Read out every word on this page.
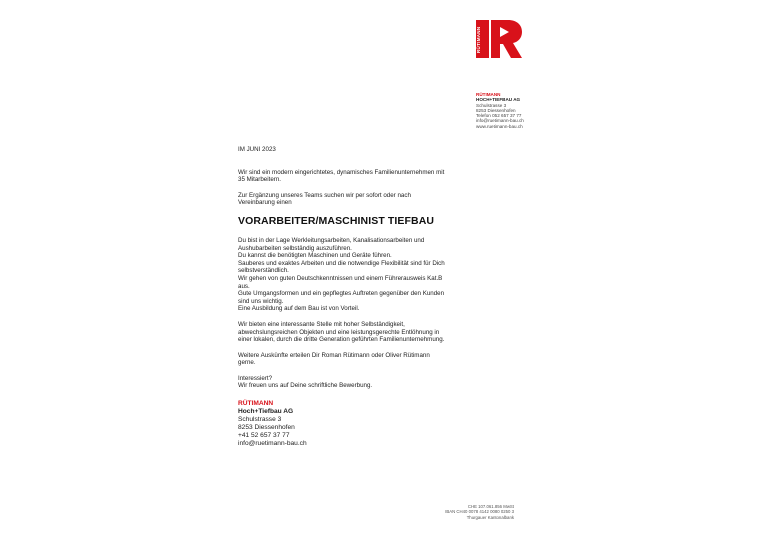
RÜTIMANN
RÜTIMANN
HOCH+TIEFBAU AG
Schulstrasse 3
8253 Diessenhofen
Telefon 052 657 37 77
info@ruetimann-bau.ch
www.ruetimann-bau.ch

IM JUNI 2023

Wir sind ein modern eingerichtetes, dynamisches Familienunternehmen mit
35 Mitarbeitern.

Zur Ergänzung unseres Teams suchen wir per sofort oder nach
Vereinbarung einen

VORARBEITER/MASCHINIST TIEFBAU

Du bist in der Lage Werkleitungsarbeiten, Kanalisationsarbeiten und
Aushubarbeiten selbständig auszuführen.
Du kannst die benötigten Maschinen und Geräte führen.
Sauberes und exaktes Arbeiten und die notwendige Flexibilität sind für Dich
selbstverständlich.
Wir gehen von guten Deutschkenntnissen und einem Führerausweis Kat.B
aus.
Gute Umgangsformen und ein gepflegtes Auftreten gegenüber den Kunden
sind uns wichtig.
Eine Ausbildung auf dem Bau ist von Vorteil.

Wir bieten eine interessante Stelle mit hoher Selbständigkeit,
abwechslungsreichen Objekten und eine leistungsgerechte Entlöhnung in
einer lokalen, durch die dritte Generation geführten Familienunternehmung.

Weitere Auskünfte erteilen Dir Roman Rütimann oder Oliver Rütimann
gerne.

Interessiert?
Wir freuen uns auf Deine schriftliche Bewerbung.

RÜTIMANN
Hoch+Tiefbau AG
Schulstrasse 3
8253 Diessenhofen
+41 52 657 37 77
info@ruetimann-bau.ch
CHE 107.061.856 MwSt
IBAN CH40 0078 4142 0080 0250 3
Thurgauer Kantonalbank
